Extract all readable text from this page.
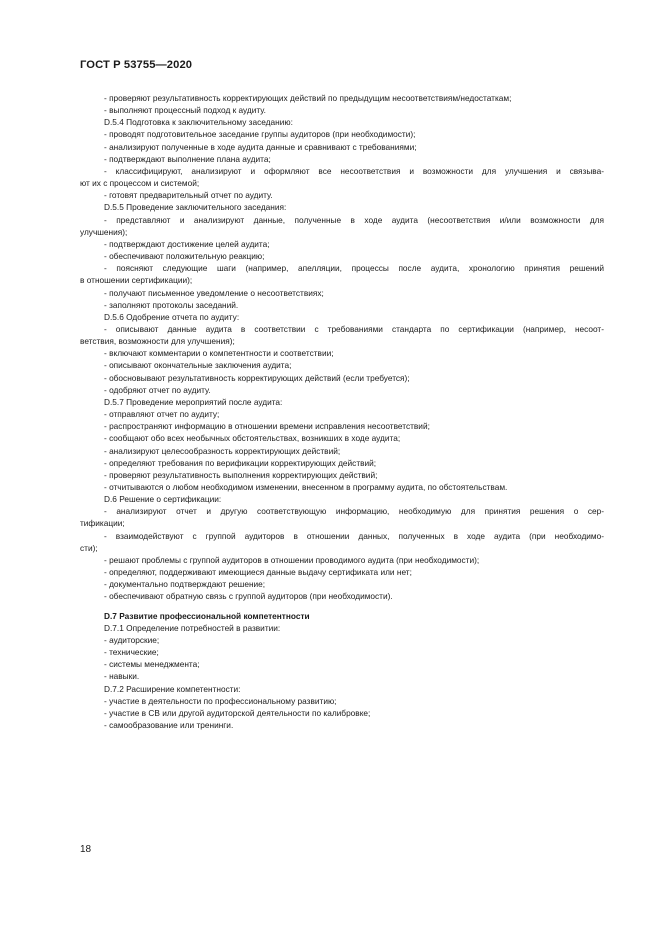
ГОСТ Р 53755—2020
- проверяют результативность корректирующих действий по предыдущим несоответствиям/недостаткам;
- выполняют процессный подход к аудиту.
D.5.4 Подготовка к заключительному заседанию:
- проводят подготовительное заседание группы аудиторов (при необходимости);
- анализируют полученные в ходе аудита данные и сравнивают с требованиями;
- подтверждают выполнение плана аудита;
- классифицируют, анализируют и оформляют все несоответствия и возможности для улучшения и связыва-
ют их с процессом и системой;
- готовят предварительный отчет по аудиту.
D.5.5 Проведение заключительного заседания:
- представляют и анализируют данные, полученные в ходе аудита (несоответствия и/или возможности для
улучшения);
- подтверждают достижение целей аудита;
- обеспечивают положительную реакцию;
- поясняют следующие шаги (например, апелляции, процессы после аудита, хронологию принятия решений
в отношении сертификации);
- получают письменное уведомление о несоответствиях;
- заполняют протоколы заседаний.
D.5.6 Одобрение отчета по аудиту:
- описывают данные аудита в соответствии с требованиями стандарта по сертификации (например, несоот-
ветствия, возможности для улучшения);
- включают комментарии о компетентности и соответствии;
- описывают окончательные заключения аудита;
- обосновывают результативность корректирующих действий (если требуется);
- одобряют отчет по аудиту.
D.5.7 Проведение мероприятий после аудита:
- отправляют отчет по аудиту;
- распространяют информацию в отношении времени исправления несоответствий;
- сообщают обо всех необычных обстоятельствах, возникших в ходе аудита;
- анализируют целесообразность корректирующих действий;
- определяют требования по верификации корректирующих действий;
- проверяют результативность выполнения корректирующих действий;
- отчитываются о любом необходимом изменении, внесенном в программу аудита, по обстоятельствам.
D.6 Решение о сертификации:
- анализируют отчет и другую соответствующую информацию, необходимую для принятия решения о сер-
тификации;
- взаимодействуют с группой аудиторов в отношении данных, полученных в ходе аудита (при необходимо-
сти);
- решают проблемы с группой аудиторов в отношении проводимого аудита (при необходимости);
- определяют, поддерживают имеющиеся данные выдачу сертификата или нет;
- документально подтверждают решение;
- обеспечивают обратную связь с группой аудиторов (при необходимости).
D.7 Развитие профессиональной компетентности
D.7.1 Определение потребностей в развитии:
- аудиторские;
- технические;
- системы менеджмента;
- навыки.
D.7.2 Расширение компетентности:
- участие в деятельности по профессиональному развитию;
- участие в СВ или другой аудиторской деятельности по калибровке;
- самообразование или тренинги.
18
